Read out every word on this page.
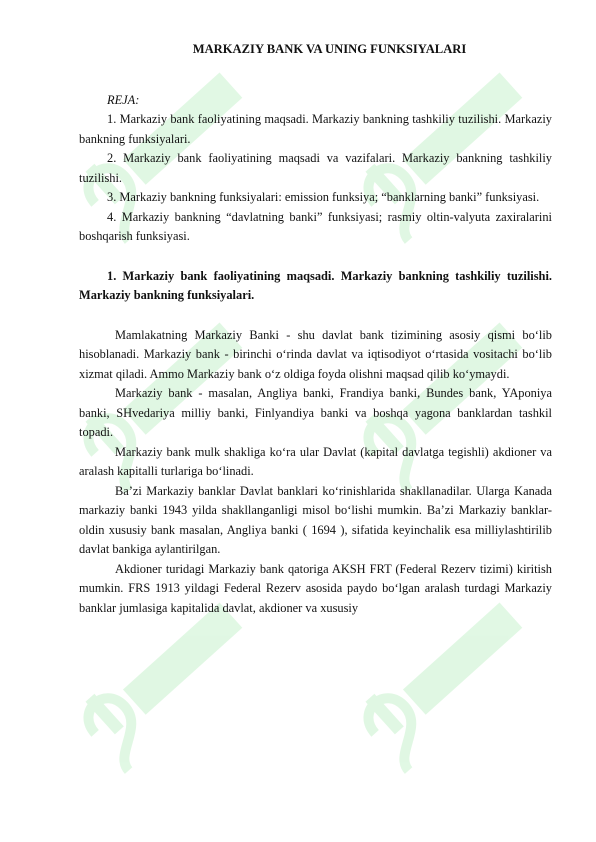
MARKAZIY BANK VA UNING FUNKSIYALARI

REJA:

1. Markaziy bank faoliyatining maqsadi. Markaziy bankning tashkiliy tuzilishi. Markaziy bankning funksiyalari.

2. Markaziy bank faoliyatining maqsadi va vazifalari. Markaziy bankning tashkiliy tuzilishi.

3. Markaziy bankning funksiyalari: emission funksiya; “banklarning banki” funksiyasi.

4. Markaziy bankning “davlatning banki” funksiyasi; rasmiy oltin-valyuta zaxiralarini boshqarish funksiyasi.

1. Markaziy bank faoliyatining maqsadi. Markaziy bankning tashkiliy tuzilishi. Markaziy bankning funksiyalari.

Mamlakatning Markaziy Banki - shu davlat bank tizimining asosiy qismi bo‘lib hisoblanadi. Markaziy bank - birinchi o‘rinda davlat va iqtisodiyot o‘rtasida vositachi bo‘lib xizmat qiladi. Ammo Markaziy bank o‘z oldiga foyda olishni maqsad qilib ko‘ymaydi.

Markaziy bank - masalan, Angliya banki, Frandiya banki, Bundes bank, YAponiya banki, SHvedariya milliy banki, Finlyandiya banki va boshqa yagona banklardan tashkil topadi.

Markaziy bank mulk shakliga ko‘ra ular Davlat (kapital davlatga tegishli) akdioner va aralash kapitalli turlariga bo‘linadi.

Ba’zi Markaziy banklar Davlat banklari ko‘rinishlarida shakllanadilar. Ularga Kanada markaziy banki 1943 yilda shakllanganligi misol bo‘lishi mumkin. Ba’zi Markaziy banklar- oldin xususiy bank masalan, Angliya banki ( 1694 ), sifatida keyinchalik esa milliylashtirilib davlat bankiga aylantirilgan.

Akdioner turidagi Markaziy bank qatoriga AKSH FRT (Federal Rezerv tizimi) kiritish mumkin. FRS 1913 yildagi Federal Rezerv asosida paydo bo‘lgan aralash turdagi Markaziy banklar jumlasiga kapitalida davlat, akdioner va xususiy
